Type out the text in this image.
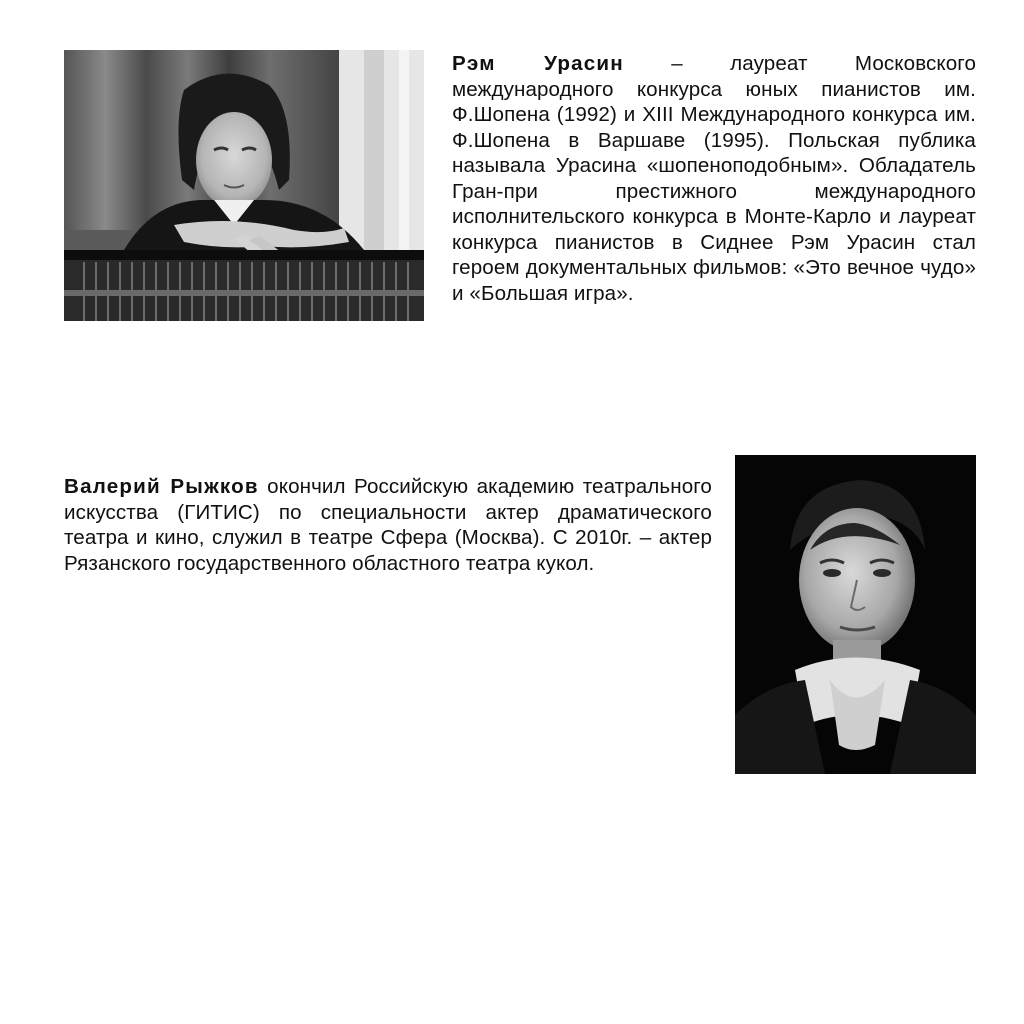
Рэм Урасин – лауреат Московского международного конкурса юных пианистов им. Ф.Шопена (1992) и XIII Международного конкурса им. Ф.Шопена в Варшаве (1995). Польская публика называла Урасина «шопеноподобным». Обладатель Гран-при престижного международного исполнительского конкурса в Монте-Карло и лауреат конкурса пианистов в Сиднее Рэм Урасин стал героем документальных фильмов: «Это вечное чудо» и «Большая игра».
Валерий Рыжков окончил Российскую академию театрального искусства (ГИТИС) по специальности актер драматического театра и кино, служил в театре Сфера (Москва). С 2010г. – актер Рязанского государственного областного театра кукол.
